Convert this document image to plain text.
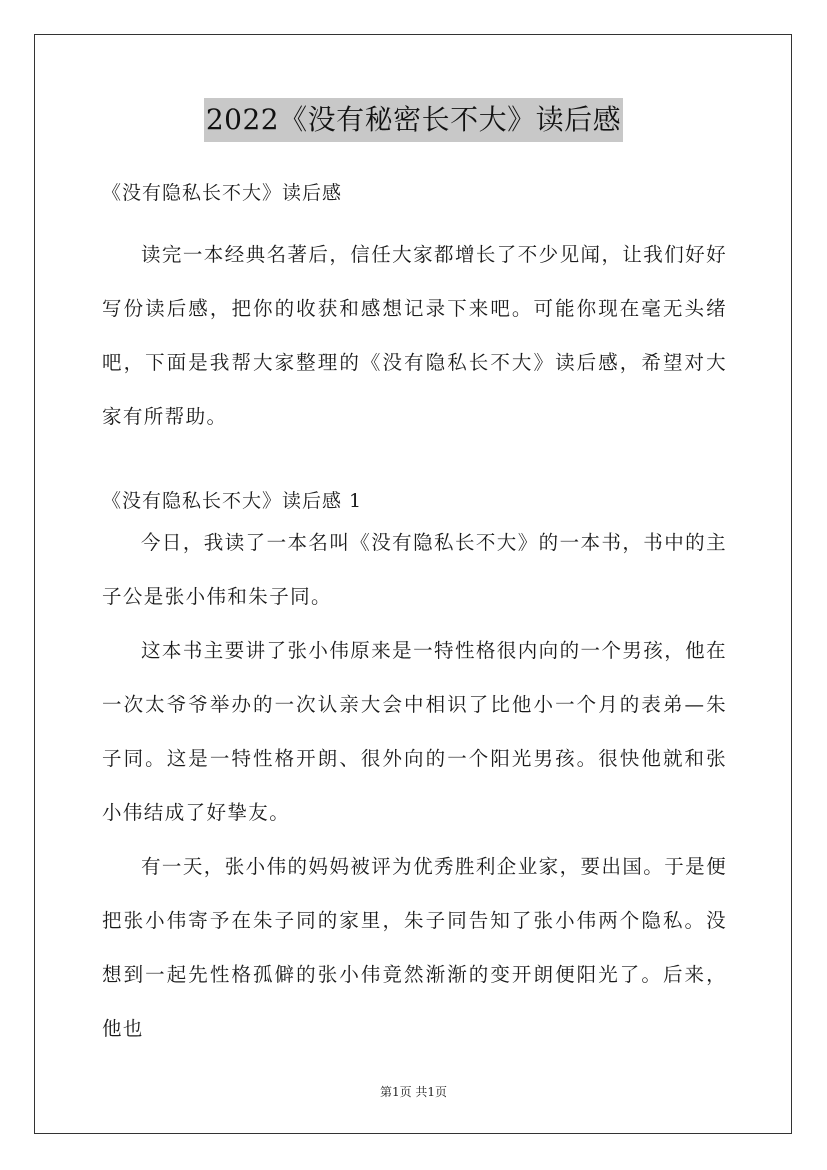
2022《没有秘密长不大》读后感

《没有隐私长不大》读后感

读完一本经典名著后，信任大家都增长了不少见闻，让我们好好写份读后感，把你的收获和感想记录下来吧。可能你现在毫无头绪吧，下面是我帮大家整理的《没有隐私长不大》读后感，希望对大家有所帮助。

《没有隐私长不大》读后感 1

今日，我读了一本名叫《没有隐私长不大》的一本书，书中的主子公是张小伟和朱子同。

这本书主要讲了张小伟原来是一特性格很内向的一个男孩，他在一次太爷爷举办的一次认亲大会中相识了比他小一个月的表弟—朱子同。这是一特性格开朗、很外向的一个阳光男孩。很快他就和张小伟结成了好挚友。

有一天，张小伟的妈妈被评为优秀胜利企业家，要出国。于是便把张小伟寄予在朱子同的家里，朱子同告知了张小伟两个隐私。没想到一起先性格孤僻的张小伟竟然渐渐的变开朗便阳光了。后来，他也

第1页 共1页
